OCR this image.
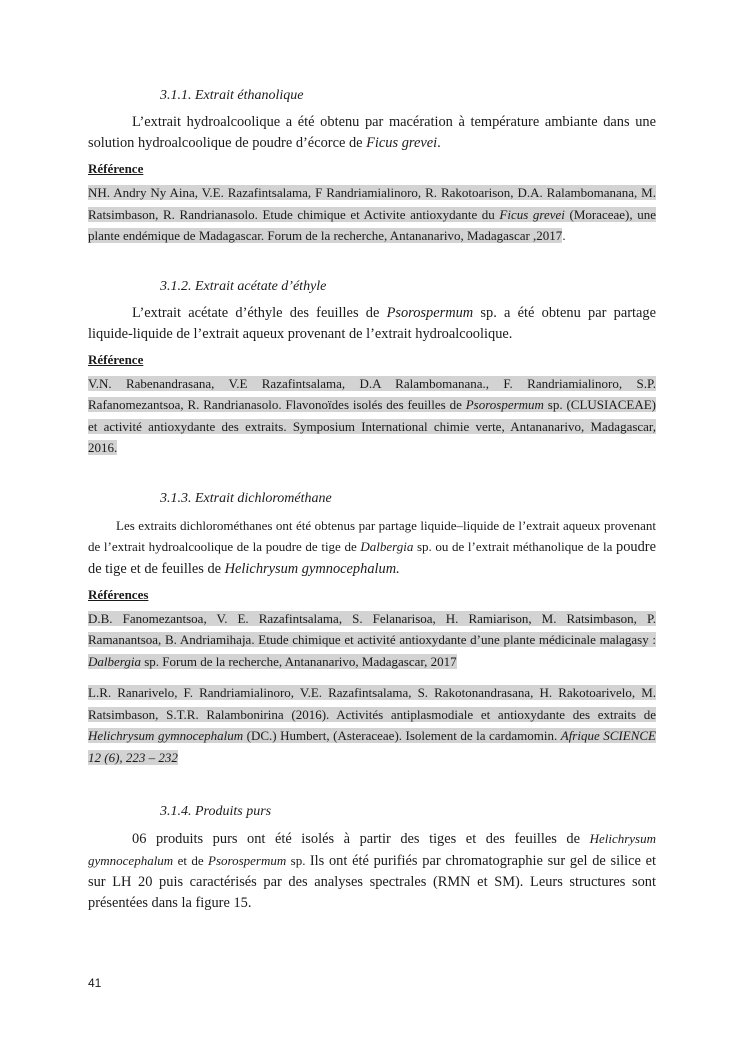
3.1.1. Extrait éthanolique

L’extrait hydroalcoolique a été obtenu par macération à température ambiante dans une solution hydroalcoolique de poudre d’écorce de Ficus grevei.

Référence

NH. Andry Ny Aina, V.E. Razafintsalama, F Randriamialinoro, R. Rakotoarison, D.A. Ralambomanana, M. Ratsimbason, R. Randrianasolo. Etude chimique et Activite antioxydante du Ficus grevei (Moraceae), une plante endémique de Madagascar. Forum de la recherche, Antananarivo, Madagascar ,2017.

3.1.2. Extrait acétate d’éthyle

L’extrait acétate d’éthyle des feuilles de Psorospermum sp. a été obtenu par partage liquide-liquide de l’extrait aqueux provenant de l’extrait hydroalcoolique.

Référence

V.N. Rabenandrasana, V.E Razafintsalama, D.A Ralambomanana., F. Randriamialinoro, S.P. Rafanomezantsoa, R. Randrianasolo. Flavonoïdes isolés des feuilles de Psorospermum sp. (CLUSIACEAE) et activité antioxydante des extraits. Symposium International chimie verte, Antananarivo, Madagascar, 2016.

3.1.3. Extrait dichlorométhane

Les extraits dichlorométhanes ont été obtenus par partage liquide–liquide de l’extrait aqueux provenant de l’extrait hydroalcoolique de la poudre de tige de Dalbergia sp. ou de l’extrait méthanolique de la poudre de tige et de feuilles de Helichrysum gymnocephalum.

Références

D.B. Fanomezantsoa, V. E. Razafintsalama, S. Felanarisoa, H. Ramiarison, M. Ratsimbason, P. Ramanantsoa, B. Andriamihaja. Etude chimique et activité antioxydante d’une plante médicinale malagasy : Dalbergia sp. Forum de la recherche, Antananarivo, Madagascar, 2017

L.R. Ranarivelo, F. Randriamialinoro, V.E. Razafintsalama, S. Rakotonandrasana, H. Rakotoarivelo, M. Ratsimbason, S.T.R. Ralambonirina (2016). Activités antiplasmodiale et antioxydante des extraits de Helichrysum gymnocephalum (DC.) Humbert, (Asteraceae). Isolement de la cardamomin. Afrique SCIENCE 12 (6), 223 – 232

3.1.4. Produits purs

06 produits purs ont été isolés à partir des tiges et des feuilles de Helichrysum gymnocephalum et de Psorospermum sp. Ils ont été purifiés par chromatographie sur gel de silice et sur LH 20 puis caractérisés par des analyses spectrales (RMN et SM). Leurs structures sont présentées dans la figure 15.

41
